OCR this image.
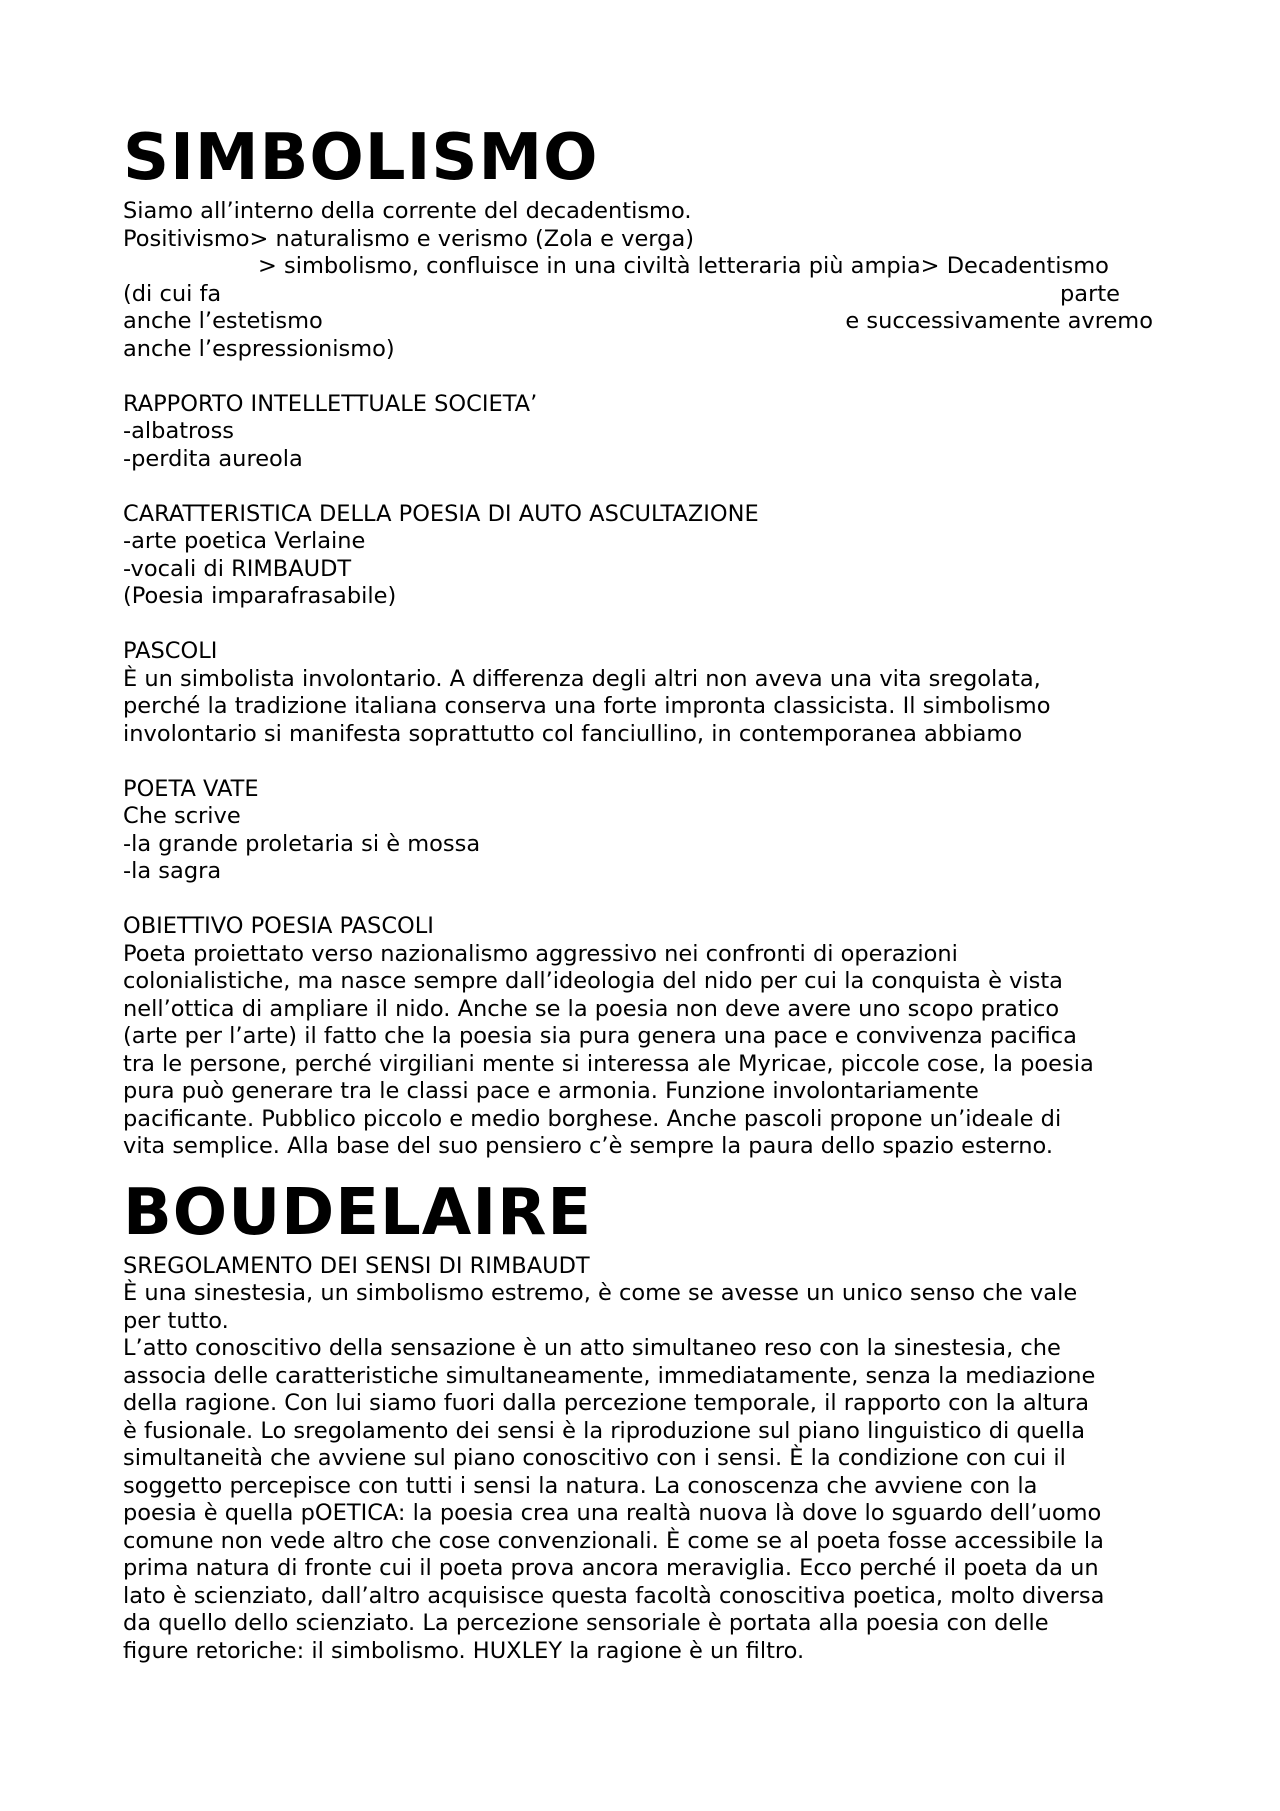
SIMBOLISMO

Siamo all’interno della corrente del decadentismo.

Positivismo> naturalismo e verismo (Zola e verga)

> simbolismo, confluisce in una civiltà letteraria più ampia> Decadentismo

(di cui fa	parte
anche l’estetismo	e successivamente avremo

anche l’espressionismo)

RAPPORTO INTELLETTUALE SOCIETA’

-albatross

-perdita aureola

CARATTERISTICA DELLA POESIA DI AUTO ASCULTAZIONE

-arte poetica Verlaine

-vocali di RIMBAUDT

(Poesia imparafrasabile)

PASCOLI

È un simbolista involontario. A differenza degli altri non aveva una vita sregolata,

perché la tradizione italiana conserva una forte impronta classicista. Il simbolismo

involontario si manifesta soprattutto col fanciullino, in contemporanea abbiamo

POETA VATE

Che scrive

-la grande proletaria si è mossa

-la sagra

OBIETTIVO POESIA PASCOLI

Poeta proiettato verso nazionalismo aggressivo nei confronti di operazioni

colonialistiche, ma nasce sempre dall’ideologia del nido per cui la conquista è vista

nell’ottica di ampliare il nido. Anche se la poesia non deve avere uno scopo pratico

(arte per l’arte) il fatto che la poesia sia pura genera una pace e convivenza pacifica

tra le persone, perché virgiliani mente si interessa ale Myricae, piccole cose, la poesia

pura può generare tra le classi pace e armonia. Funzione involontariamente

pacificante. Pubblico piccolo e medio borghese. Anche pascoli propone un’ideale di

vita semplice. Alla base del suo pensiero c’è sempre la paura dello spazio esterno.

BOUDELAIRE

SREGOLAMENTO DEI SENSI DI RIMBAUDT

È una sinestesia, un simbolismo estremo, è come se avesse un unico senso che vale

per tutto.

L’atto conoscitivo della sensazione è un atto simultaneo reso con la sinestesia, che

associa delle caratteristiche simultaneamente, immediatamente, senza la mediazione

della ragione. Con lui siamo fuori dalla percezione temporale, il rapporto con la altura

è fusionale. Lo sregolamento dei sensi è la riproduzione sul piano linguistico di quella

simultaneità che avviene sul piano conoscitivo con i sensi. È la condizione con cui il

soggetto percepisce con tutti i sensi la natura. La conoscenza che avviene con la

poesia è quella pOETICA: la poesia crea una realtà nuova là dove lo sguardo dell’uomo

comune non vede altro che cose convenzionali. È come se al poeta fosse accessibile la

prima natura di fronte cui il poeta prova ancora meraviglia. Ecco perché il poeta da un

lato è scienziato, dall’altro acquisisce questa facoltà conoscitiva poetica, molto diversa

da quello dello scienziato. La percezione sensoriale è portata alla poesia con delle

figure retoriche: il simbolismo. HUXLEY la ragione è un filtro.
